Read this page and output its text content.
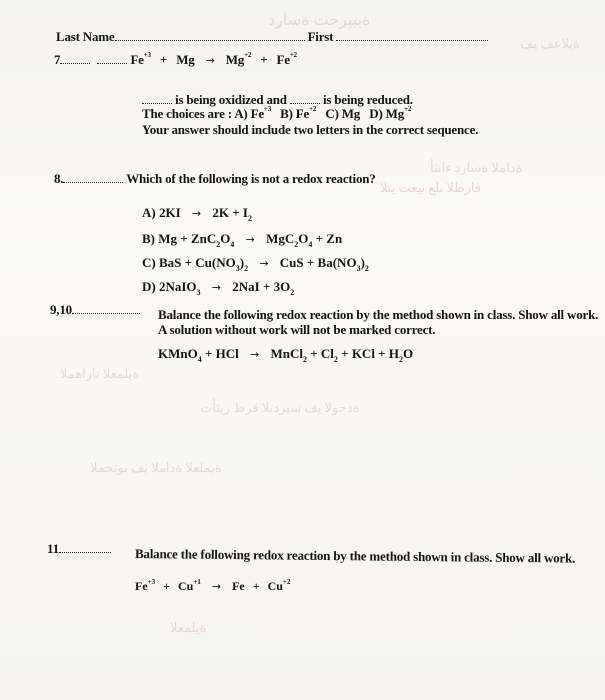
ةيبيرجت ةسارد
ةيلاعف يف
ةداملا ةسارد ءانثأ
فارطلا ىلع نيعت يتلا
ةيلمعلا تاراهملا
ةدحولا يف سيردتلا قرط ريثأت
ةيملعلا ةداملا يف ىوتحملا
ةيلمعلا
Last Name	First
7	$Fe^{+3} + Mg \to Mg^{+2} + Fe^{+2}$
is being oxidized and	is being reduced.
The choices are : A) $Fe^{+3}$ B) $Fe^{+2}$ C) Mg D) $Mg^{+2}$
Your answer should include two letters in the correct sequence.
8.	Which of the following is not a redox reaction?
A) $2KI \to 2K + I_2$
B) $Mg + ZnC_2O_4 \to MgC_2O_4 + Zn$
C) BaS + $Cu(NO_3)_2$ → CuS + $Ba(NO_3)_2$
D) 2NaIO$_3$ → $2NaI + 3O_2$
9,10	Balance the following redox reaction by the method shown in class. Show all work.
A solution without work will not be marked correct.
KMnO$_4$ + HCl → MnCl$_2$ + $Cl_2$ + KCl + $H_2O$
11	Balance the following redox reaction by the method shown in class. Show all work.
$Fe^{+3} + Cu^{+1} \to Fe + Cu^{+2}$
